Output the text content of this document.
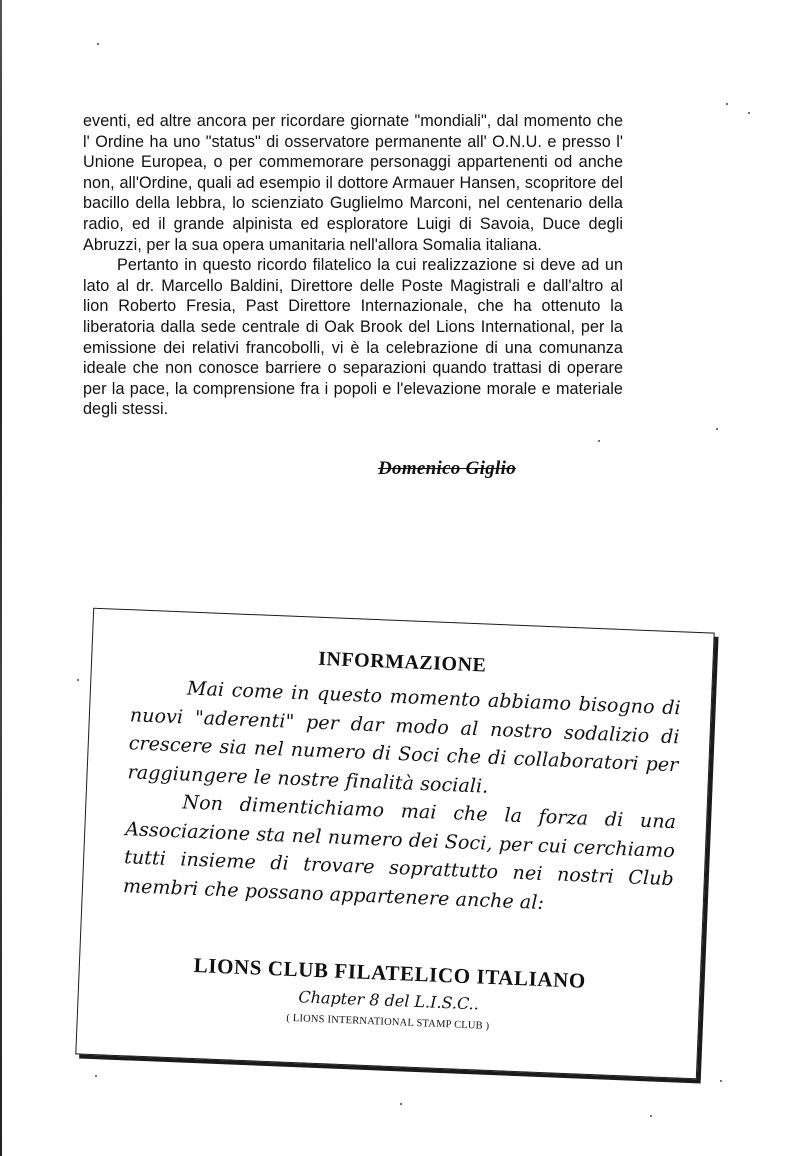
eventi, ed altre ancora per ricordare giornate "mondiali", dal momento che l' Ordine ha uno "status" di osservatore permanente all' O.N.U. e presso l' Unione Europea, o per commemorare personaggi appartenenti od anche non, all'Ordine, quali ad esempio il dottore Armauer Hansen, scopritore del bacillo della lebbra, lo scienziato Guglielmo Marconi, nel centenario della radio, ed il grande alpinista ed esploratore Luigi di Savoia, Duce degli Abruzzi, per la sua opera umanitaria nell'allora Somalia italiana.

Pertanto in questo ricordo filatelico la cui realizzazione si deve ad un lato al dr. Marcello Baldini, Direttore delle Poste Magistrali e dall'altro al lion Roberto Fresia, Past Direttore Internazionale, che ha ottenuto la liberatoria dalla sede centrale di Oak Brook del Lions International, per la emissione dei relativi francobolli, vi è la celebrazione di una comunanza ideale che non conosce barriere o separazioni quando trattasi di operare per la pace, la comprensione fra i popoli e l'elevazione morale e materiale degli stessi.

Domenico Giglio
INFORMAZIONE

Mai come in questo momento abbiamo bisogno di nuovi "aderenti" per dar modo al nostro sodalizio di crescere sia nel numero di Soci che di collaboratori per raggiungere le nostre finalità sociali.

Non dimentichiamo mai che la forza di una Associazione sta nel numero dei Soci, per cui cerchiamo tutti insieme di trovare soprattutto nei nostri Club membri che possano appartenere anche al:

LIONS CLUB FILATELICO ITALIANO
Chapter 8 del L.I.S.C..
( LIONS INTERNATIONAL STAMP CLUB )
